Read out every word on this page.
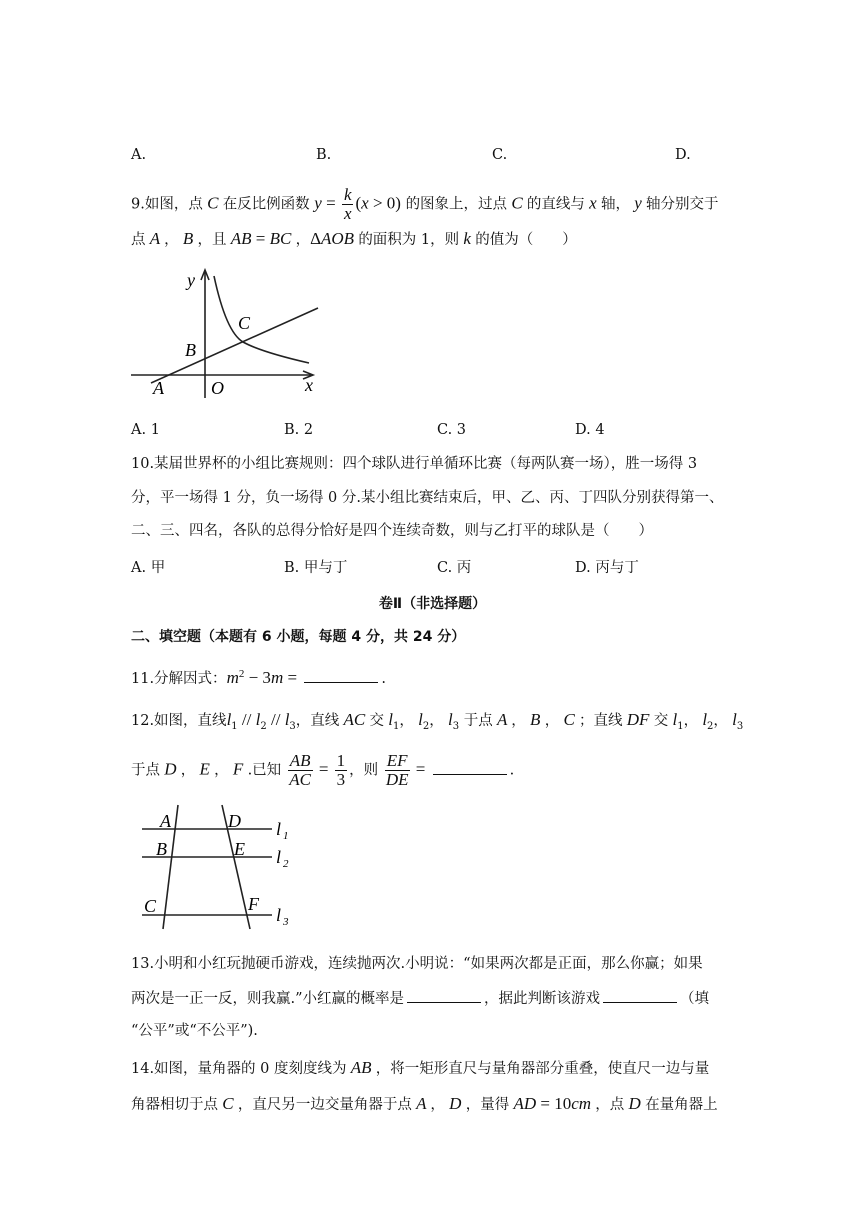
A.	B.	C.	D.
9.如图，点 C 在反比例函数 $y = \frac{k}{x} (x > 0)$ 的图象上，过点 C 的直线与 x 轴， y 轴分别交于
点 A ， B ，且 AB = BC ，ΔAOB 的面积为 1，则 k 的值为（　　）
y
x
C
B
A	O
A. 1	B. 2	C. 3	D. 4
10.某届世界杯的小组比赛规则：四个球队进行单循环比赛（每两队赛一场），胜一场得 3
分，平一场得 1 分，负一场得 0 分.某小组比赛结束后，甲、乙、丙、丁四队分别获得第一、
二、三、四名，各队的总得分恰好是四个连续奇数，则与乙打平的球队是（　　）
A. 甲	B. 甲与丁	C. 丙	D. 丙与丁
卷Ⅱ（非选择题）
二、填空题（本题有 6 小题，每题 4 分，共 24 分）
11.分解因式：$m^2 - 3m$ =	.
12.如图，直线$l_1 // l_2 // l_3$，直线 AC 交 $l_1$， $l_2$， $l_3$ 于点 A ， B ， C ；直线 DF 交 $l_1$， $l_2$， $l_3$
于点 D ， E ， F .已知 $\frac{AB}{AC} = \frac{1}{3}$ ，则 $\frac{EF}{DE}$ =	.
A	D
B	E
C	F
l 1
l 2
l 3
13.小明和小红玩抛硬币游戏，连续抛两次.小明说：“如果两次都是正面，那么你赢；如果
两次是一正一反，则我赢.”小红赢的概率是	，据此判断该游戏	（填
“公平”或“不公平”).
14.如图，量角器的 0 度刻度线为 AB ，将一矩形直尺与量角器部分重叠，使直尺一边与量
角器相切于点 C ，直尺另一边交量角器于点 A ， D ，量得 AD = 10cm ，点 D 在量角器上
